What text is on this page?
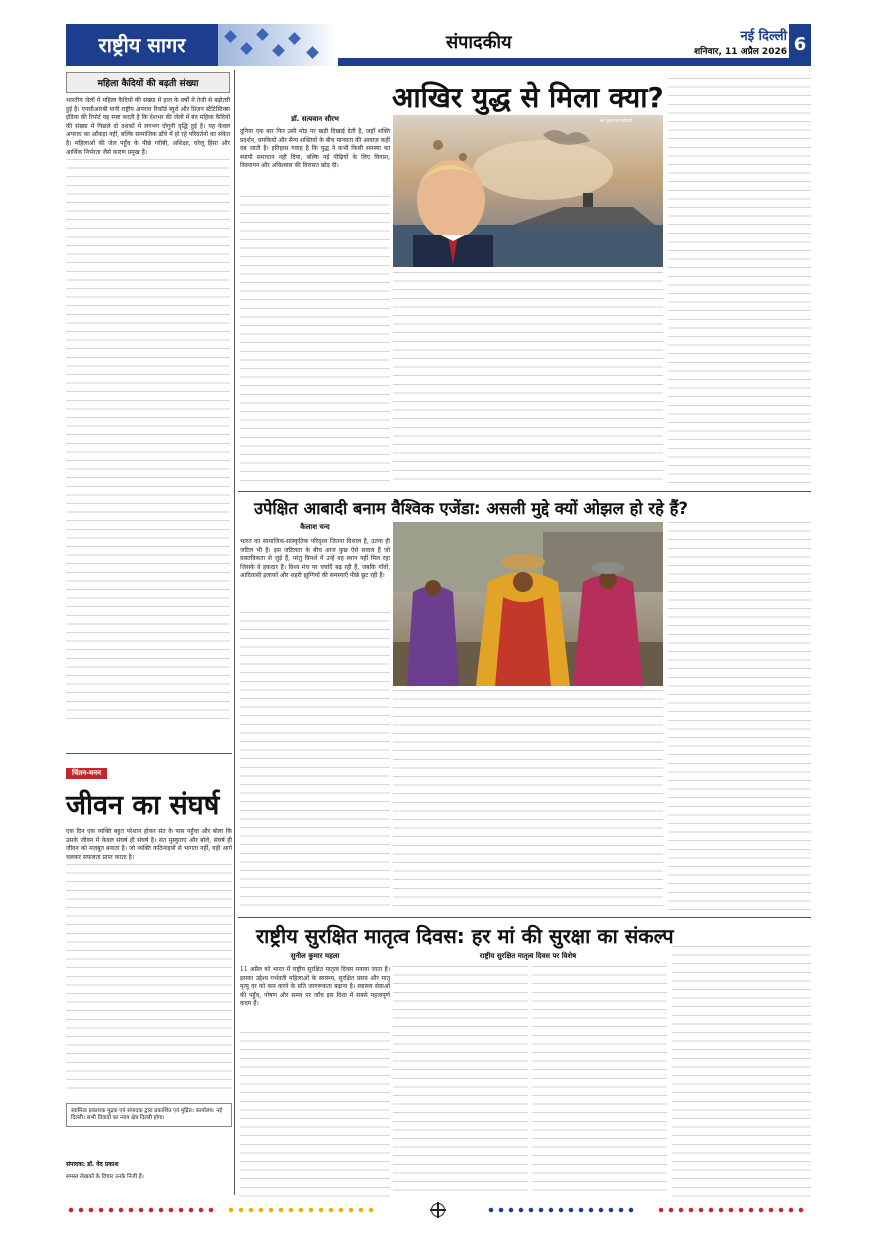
राष्ट्रीय सागर	संपादकीय	नई दिल्ली
शनिवार, 11 अप्रैल 2026
web: rashtriyasagar.com
6
महिला कैदियों की बढ़ती संख्या
भारतीय जेलों में महिला कैदियों की संख्या में हाल के वर्षों में तेजी से बढ़ोतरी हुई है। एनसीआरबी यानी राष्ट्रीय अपराध रिकॉर्ड ब्यूरो और प्रिज़न स्टैटिस्टिक्स इंडिया की रिपोर्ट यह स्पष्ट करती है कि देशभर की जेलों में बंद महिला कैदियों की संख्या में पिछले दो दशकों में लगभग दोगुनी वृद्धि हुई है। यह केवल अपराध का आँकड़ा नहीं, बल्कि सामाजिक ढाँचे में हो रहे परिवर्तनों का संकेत है। महिलाओं की जेल पहुँच के पीछे गरीबी, अशिक्षा, घरेलू हिंसा और आर्थिक निर्भरता जैसे कारण प्रमुख हैं।
आखिर युद्ध से मिला क्या?
डॉ. सत्यवान सौरभ
दुनिया एक बार फिर उसी मोड़ पर खड़ी दिखाई देती है, जहाँ शक्ति प्रदर्शन, धमकियों और सैन्य शक्तियों के बीच मानवता की आवाज़ कहीं दब जाती है। इतिहास गवाह है कि युद्ध ने कभी किसी समस्या का स्थायी समाधान नहीं दिया, बल्कि नई पीढ़ियों के लिए विनाश, विस्थापन और अविश्वास की विरासत छोड़ दी।
ai generated
उपेक्षित आबादी बनाम वैश्विक एजेंडा: असली मुद्दे क्यों ओझल हो रहे हैं?
कैलाश चन्द
भारत का सामाजिक-सांस्कृतिक परिदृश्य जितना विशाल है, उतना ही जटिल भी है। इस जटिलता के बीच आज कुछ ऐसे सवाल हैं जो वास्तविकता से जुड़े हैं, परंतु विमर्श में उन्हें वह स्थान नहीं मिल रहा जिसके वे हकदार हैं। विश्व मंच पर चर्चाएँ बढ़ रही हैं, जबकि गाँवों, आदिवासी इलाकों और शहरी झुग्गियों की समस्याएँ पीछे छूट रही हैं।
चिंतन-मनन
जीवन का संघर्ष
एक दिन एक व्यक्ति बहुत परेशान होकर संत के पास पहुँचा और बोला कि उसके जीवन में केवल संघर्ष ही संघर्ष है। संत मुस्कुराए और बोले, संघर्ष ही जीवन को मज़बूत बनाता है। जो व्यक्ति कठिनाइयों से भागता नहीं, वही आगे चलकर सफलता प्राप्त करता है।
स्वामित्व प्रकाशक मुद्रक एवं संपादक द्वारा प्रकाशित एवं मुद्रित। कार्यालय: नई दिल्ली। सभी विवादों का न्याय क्षेत्र दिल्ली होगा।
संपादक: डॉ. वेद प्रकाश
समस्त लेखकों के विचार उनके निजी हैं।
राष्ट्रीय सुरक्षित मातृत्व दिवस: हर मां की सुरक्षा का संकल्प
सुनील कुमार महला	राष्ट्रीय सुरक्षित मातृत्व दिवस पर विशेष
11 अप्रैल को भारत में राष्ट्रीय सुरक्षित मातृत्व दिवस मनाया जाता है। इसका उद्देश्य गर्भवती महिलाओं के स्वास्थ्य, सुरक्षित प्रसव और मातृ मृत्यु दर को कम करने के प्रति जागरूकता बढ़ाना है। स्वास्थ्य सेवाओं की पहुँच, पोषण और समय पर जाँच इस दिशा में सबसे महत्वपूर्ण कदम हैं।
